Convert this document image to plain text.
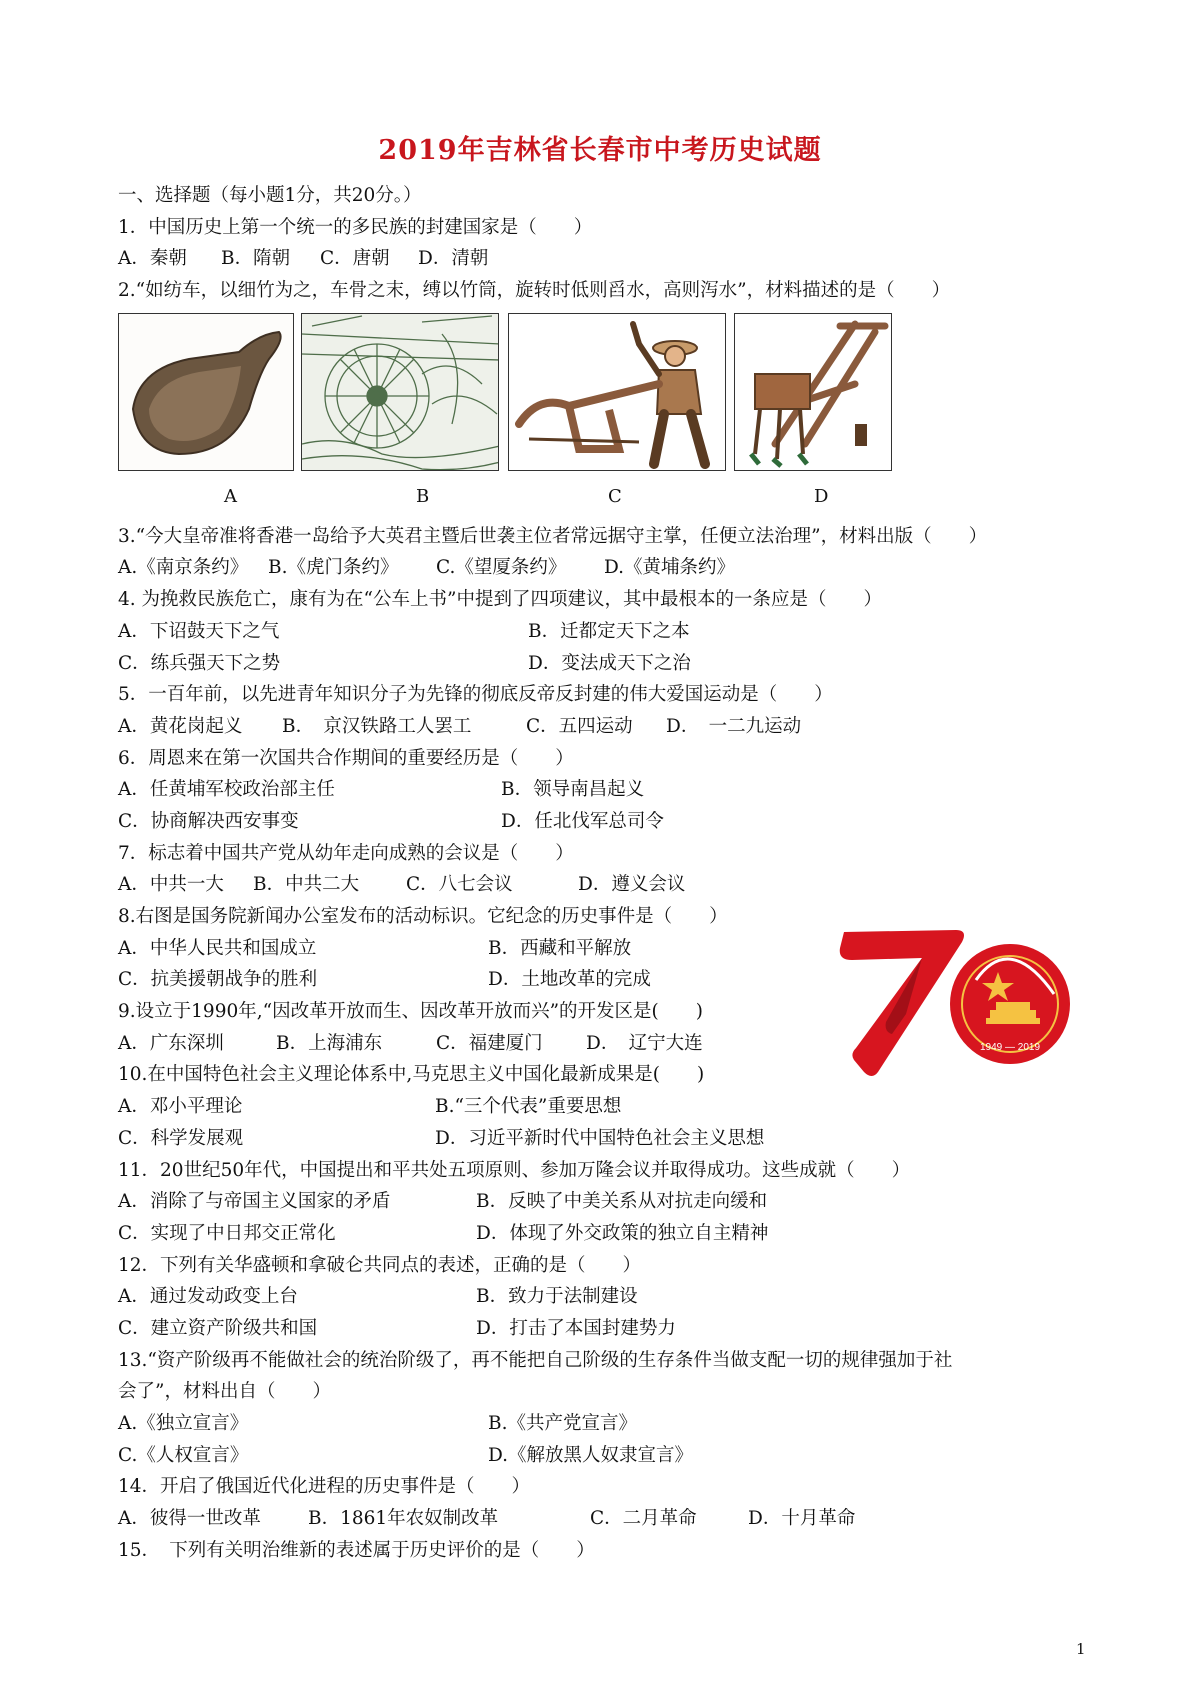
2019年吉林省长春市中考历史试题
一、选择题（每小题1分，共20分。）
1．中国历史上第一个统一的多民族的封建国家是（　　）
A．秦朝 B．隋朝 C．唐朝 D．清朝
2.“如纺车，以细竹为之，车骨之末，缚以竹筒，旋转时低则舀水，高则泻水”，材料描述的是（　　）
A	B	C	D
3.“今大皇帝准将香港一岛给予大英君主暨后世袭主位者常远据守主掌，任便立法治理”，材料出版（　　）
A.《南京条约》 B.《虎门条约》 C.《望厦条约》 D.《黄埔条约》
4. 为挽救民族危亡，康有为在“公车上书”中提到了四项建议，其中最根本的一条应是（　　）
A．下诏鼓天下之气	B．迁都定天下之本
C．练兵强天下之势	D．变法成天下之治
5．一百年前，以先进青年知识分子为先锋的彻底反帝反封建的伟大爱国运动是（　　）
A．黄花岗起义 B．　京汉铁路工人罢工	C．五四运动 D．　一二九运动
6．周恩来在第一次国共合作期间的重要经历是（　　）
A．任黄埔军校政治部主任	B．领导南昌起义
C．协商解决西安事变	D．任北伐军总司令
7．标志着中国共产党从幼年走向成熟的会议是（　　）
A．中共一大 B．中共二大	C．八七会议	D．遵义会议
8.右图是国务院新闻办公室发布的活动标识。它纪念的历史事件是（　　）
A．中华人民共和国成立	B．西藏和平解放
C．抗美援朝战争的胜利	D．土地改革的完成
9.设立于1990年,“因改革开放而生、因改革开放而兴”的开发区是(　　)
A．广东深圳	B．上海浦东	C．福建厦门 D．　辽宁大连
10.在中国特色社会主义理论体系中,马克思主义中国化最新成果是(　　)
A．邓小平理论	B.“三个代表”重要思想
C．科学发展观	D．习近平新时代中国特色社会主义思想
11．20世纪50年代，中国提出和平共处五项原则、参加万隆会议并取得成功。这些成就（　　）
A．消除了与帝国主义国家的矛盾	B．反映了中美关系从对抗走向缓和
C．实现了中日邦交正常化	D．体现了外交政策的独立自主精神
12．下列有关华盛顿和拿破仑共同点的表述，正确的是（　　）
A．通过发动政变上台	B．致力于法制建设
C．建立资产阶级共和国	D．打击了本国封建势力
13.“资产阶级再不能做社会的统治阶级了，再不能把自己阶级的生存条件当做支配一切的规律强加于社
会了”，材料出自（　　）
A.《独立宣言》	B.《共产党宣言》
C.《人权宣言》	D.《解放黑人奴隶宣言》
14．开启了俄国近代化进程的历史事件是（　　）
A．彼得一世改革	B．1861年农奴制改革	C．二月革命	D．十月革命
15．　下列有关明治维新的表述属于历史评价的是（　　）
1949 — 2019
1
